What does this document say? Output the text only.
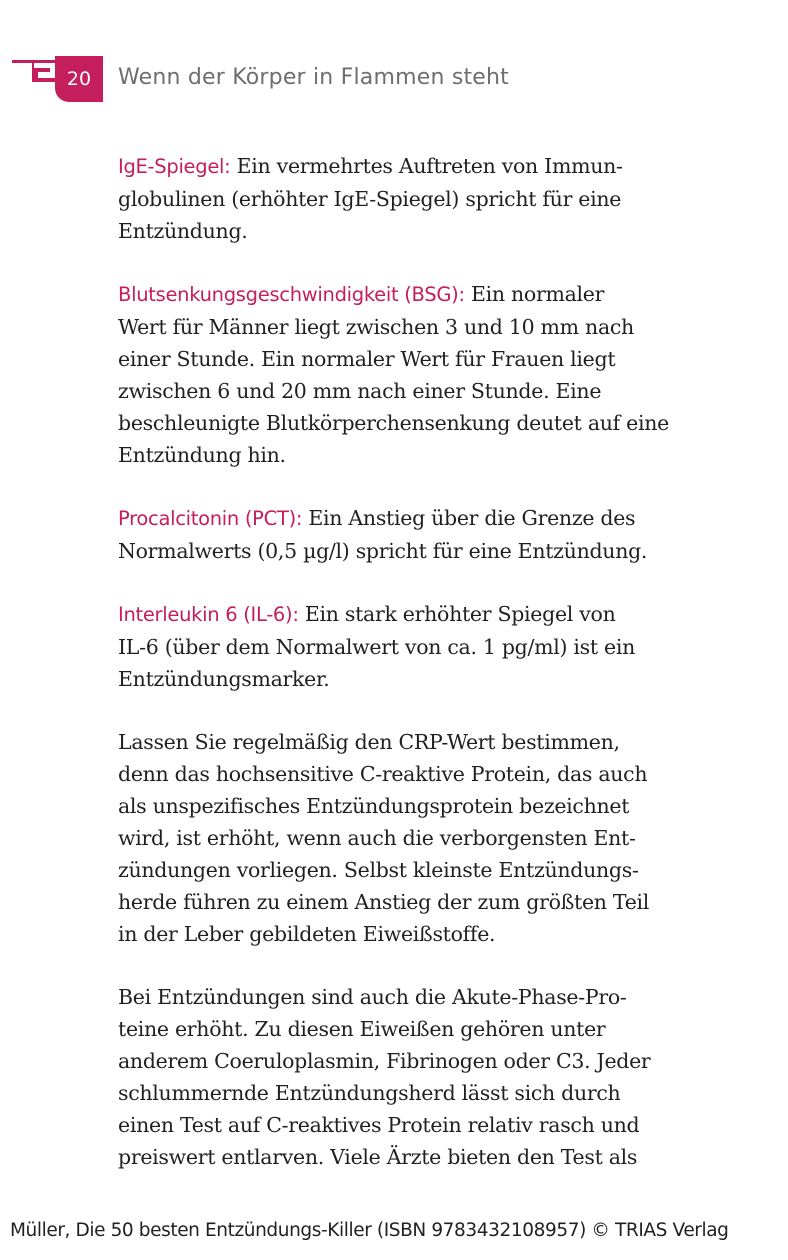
20	Wenn der Körper in Flammen steht

IgE-Spiegel: Ein vermehrtes Auftreten von Immun-
globulinen (erhöhter IgE-Spiegel) spricht für eine
Entzündung.

Blutsenkungsgeschwindigkeit (BSG): Ein normaler
Wert für Männer liegt zwischen 3 und 10 mm nach
einer Stunde. Ein normaler Wert für Frauen liegt
zwischen 6 und 20 mm nach einer Stunde. Eine
beschleunigte Blutkörperchensenkung deutet auf eine
Entzündung hin.

Procalcitonin (PCT): Ein Anstieg über die Grenze des
Normalwerts (0,5 µg/l) spricht für eine Entzündung.

Interleukin 6 (IL-6): Ein stark erhöhter Spiegel von
IL-6 (über dem Normalwert von ca. 1 pg/ml) ist ein
Entzündungsmarker.

Lassen Sie regelmäßig den CRP-Wert bestimmen,
denn das hochsensitive C-reaktive Protein, das auch
als unspezifisches Entzündungsprotein bezeichnet
wird, ist erhöht, wenn auch die verborgensten Ent-
zündungen vorliegen. Selbst kleinste Entzündungs-
herde führen zu einem Anstieg der zum größten Teil
in der Leber gebildeten Eiweißstoffe.

Bei Entzündungen sind auch die Akute-Phase-Pro-
teine erhöht. Zu diesen Eiweißen gehören unter
anderem Coeruloplasmin, Fibrinogen oder C3. Jeder
schlummernde Entzündungsherd lässt sich durch
einen Test auf C-reaktives Protein relativ rasch und
preiswert entlarven. Viele Ärzte bieten den Test als

Müller, Die 50 besten Entzündungs-Killer (ISBN 9783432108957) © TRIAS Verlag
